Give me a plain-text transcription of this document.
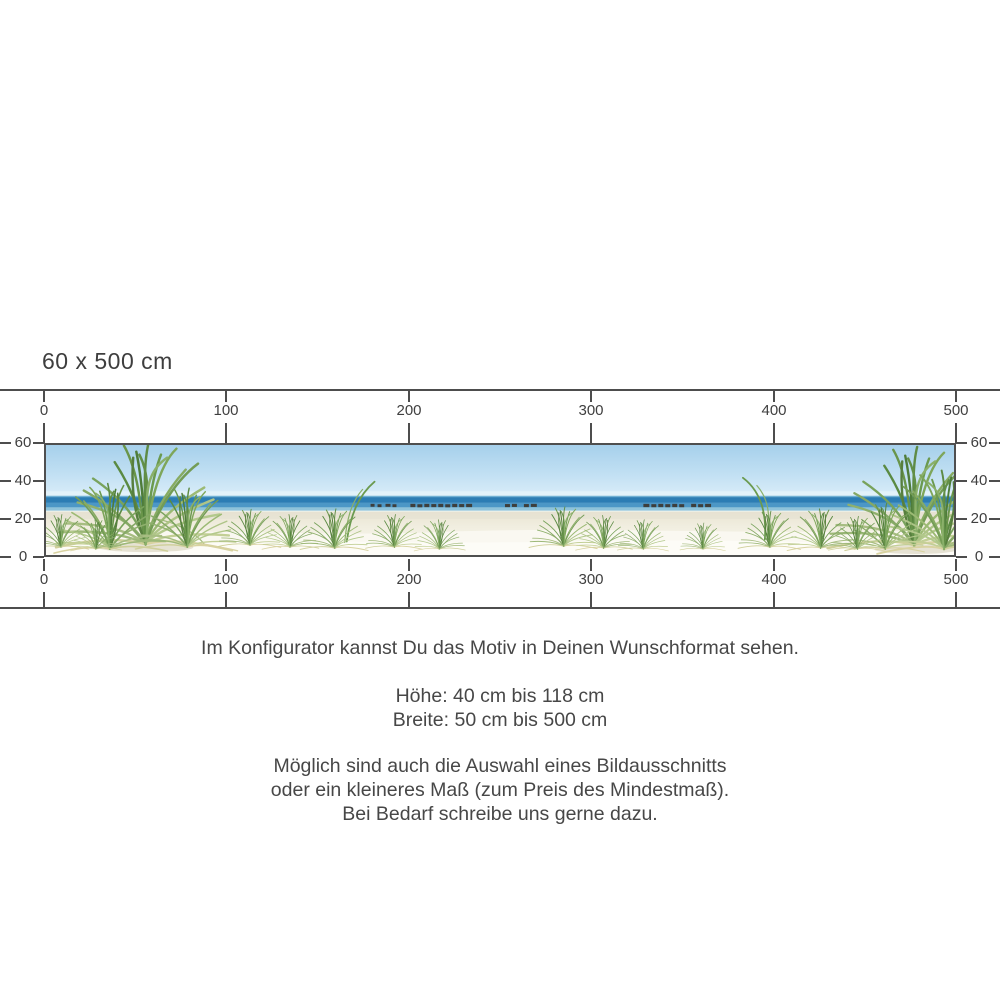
60 x 500 cm
0	100	200	300	400	500
60
40
20
0
60
40
20
0
0	100	200	300	400	500
Im Konfigurator kannst Du das Motiv in Deinen Wunschformat sehen.
Höhe: 40 cm bis 118 cm
Breite: 50 cm bis 500 cm
Möglich sind auch die Auswahl eines Bildausschnitts
oder ein kleineres Maß (zum Preis des Mindestmaß).
Bei Bedarf schreibe uns gerne dazu.
